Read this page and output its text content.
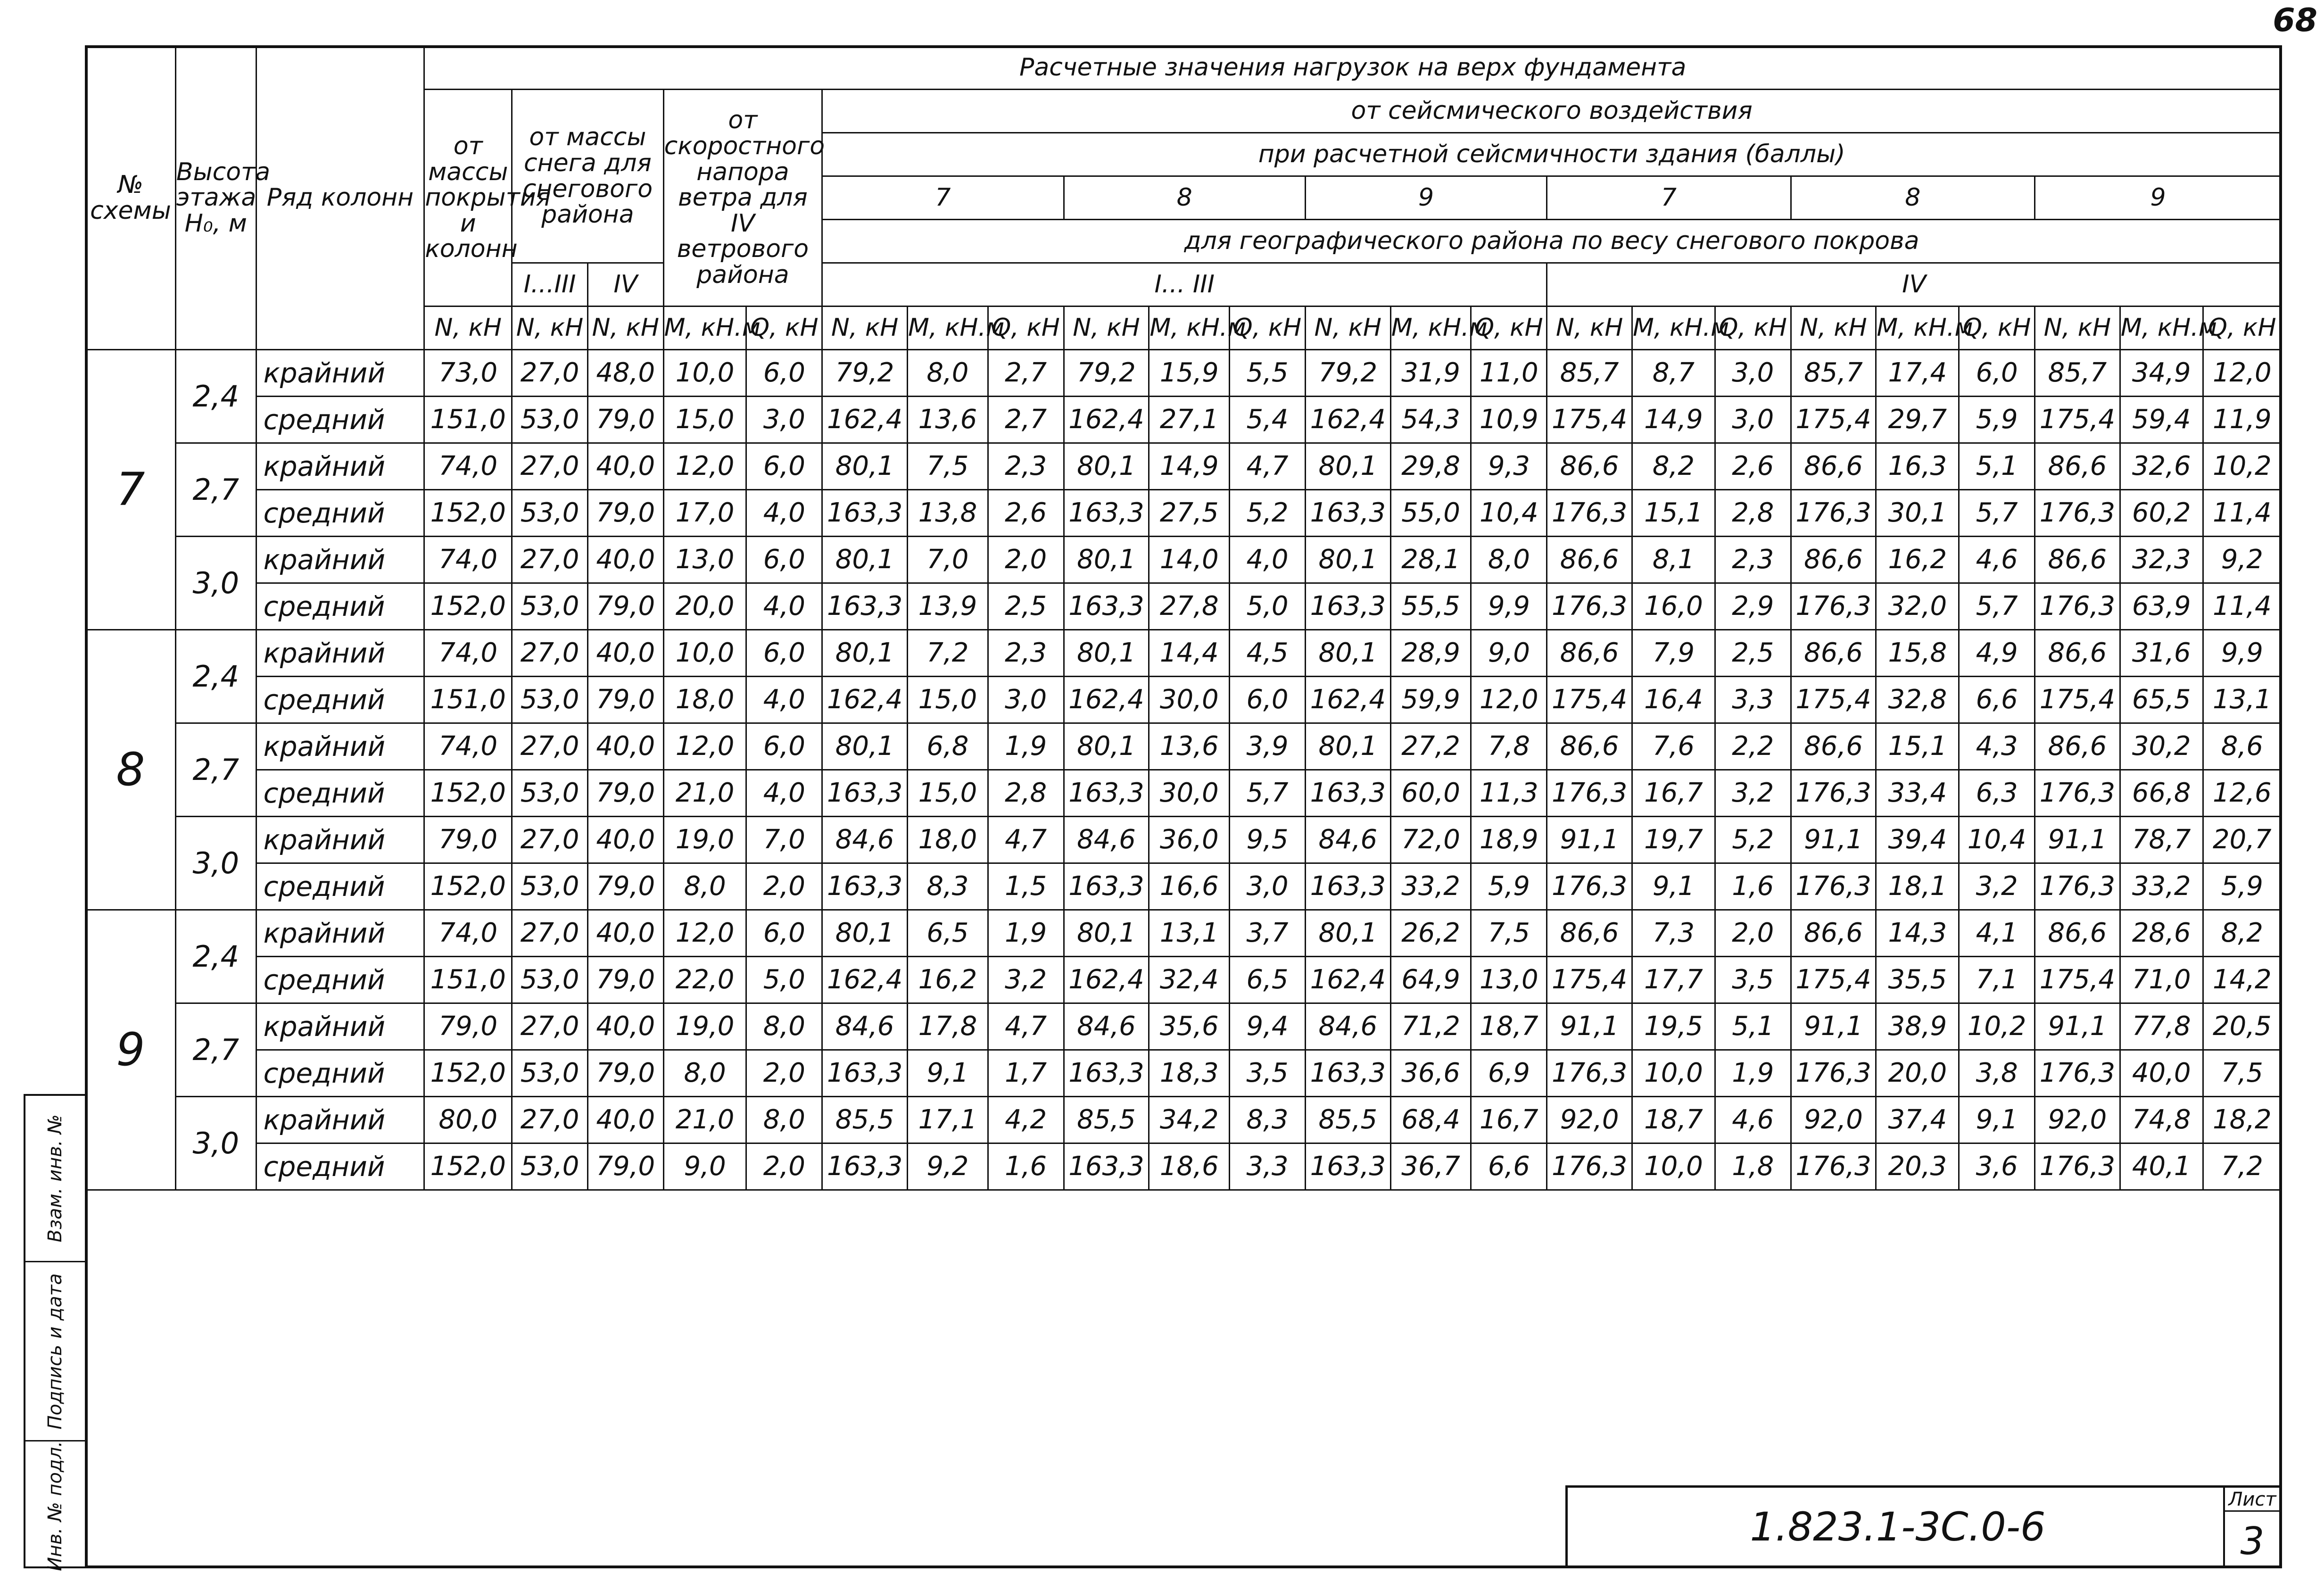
68
№ схемы	Высота этажа H₀, м	Ряд колонн	Расчетные значения нагрузок на верх фундамента																						
			от массы покрытия и колонн	от массы снега для снегового района		от скоростного напора ветра для IV ветрового района		от сейсмического воздействия																	
								при расчетной сейсмичности здания (баллы)																	
								7			8			9			7			8			9		
								для географического района по весу снегового покрова																	
				I...III	IV			I... III									IV								
			N, кН	N, кН	N, кН	M, кН.м	Q, кН	N, кН	M, кН.м	Q, кН	N, кН	M, кН.м	Q, кН	N, кН	M, кН.м	Q, кН	N, кН	M, кН.м	Q, кН	N, кН	M, кН.м	Q, кН	N, кН	M, кН.м	Q, кН
7	2,4	крайний	73,0	27,0	48,0	10,0	6,0	79,2	8,0	2,7	79,2	15,9	5,5	79,2	31,9	11,0	85,7	8,7	3,0	85,7	17,4	6,0	85,7	34,9	12,0
		средний	151,0	53,0	79,0	15,0	3,0	162,4	13,6	2,7	162,4	27,1	5,4	162,4	54,3	10,9	175,4	14,9	3,0	175,4	29,7	5,9	175,4	59,4	11,9
	2,7	крайний	74,0	27,0	40,0	12,0	6,0	80,1	7,5	2,3	80,1	14,9	4,7	80,1	29,8	9,3	86,6	8,2	2,6	86,6	16,3	5,1	86,6	32,6	10,2
		средний	152,0	53,0	79,0	17,0	4,0	163,3	13,8	2,6	163,3	27,5	5,2	163,3	55,0	10,4	176,3	15,1	2,8	176,3	30,1	5,7	176,3	60,2	11,4
	3,0	крайний	74,0	27,0	40,0	13,0	6,0	80,1	7,0	2,0	80,1	14,0	4,0	80,1	28,1	8,0	86,6	8,1	2,3	86,6	16,2	4,6	86,6	32,3	9,2
		средний	152,0	53,0	79,0	20,0	4,0	163,3	13,9	2,5	163,3	27,8	5,0	163,3	55,5	9,9	176,3	16,0	2,9	176,3	32,0	5,7	176,3	63,9	11,4
8	2,4	крайний	74,0	27,0	40,0	10,0	6,0	80,1	7,2	2,3	80,1	14,4	4,5	80,1	28,9	9,0	86,6	7,9	2,5	86,6	15,8	4,9	86,6	31,6	9,9
		средний	151,0	53,0	79,0	18,0	4,0	162,4	15,0	3,0	162,4	30,0	6,0	162,4	59,9	12,0	175,4	16,4	3,3	175,4	32,8	6,6	175,4	65,5	13,1
	2,7	крайний	74,0	27,0	40,0	12,0	6,0	80,1	6,8	1,9	80,1	13,6	3,9	80,1	27,2	7,8	86,6	7,6	2,2	86,6	15,1	4,3	86,6	30,2	8,6
		средний	152,0	53,0	79,0	21,0	4,0	163,3	15,0	2,8	163,3	30,0	5,7	163,3	60,0	11,3	176,3	16,7	3,2	176,3	33,4	6,3	176,3	66,8	12,6
	3,0	крайний	79,0	27,0	40,0	19,0	7,0	84,6	18,0	4,7	84,6	36,0	9,5	84,6	72,0	18,9	91,1	19,7	5,2	91,1	39,4	10,4	91,1	78,7	20,7
		средний	152,0	53,0	79,0	8,0	2,0	163,3	8,3	1,5	163,3	16,6	3,0	163,3	33,2	5,9	176,3	9,1	1,6	176,3	18,1	3,2	176,3	33,2	5,9
9	2,4	крайний	74,0	27,0	40,0	12,0	6,0	80,1	6,5	1,9	80,1	13,1	3,7	80,1	26,2	7,5	86,6	7,3	2,0	86,6	14,3	4,1	86,6	28,6	8,2
		средний	151,0	53,0	79,0	22,0	5,0	162,4	16,2	3,2	162,4	32,4	6,5	162,4	64,9	13,0	175,4	17,7	3,5	175,4	35,5	7,1	175,4	71,0	14,2
	2,7	крайний	79,0	27,0	40,0	19,0	8,0	84,6	17,8	4,7	84,6	35,6	9,4	84,6	71,2	18,7	91,1	19,5	5,1	91,1	38,9	10,2	91,1	77,8	20,5
		средний	152,0	53,0	79,0	8,0	2,0	163,3	9,1	1,7	163,3	18,3	3,5	163,3	36,6	6,9	176,3	10,0	1,9	176,3	20,0	3,8	176,3	40,0	7,5
	3,0	крайний	80,0	27,0	40,0	21,0	8,0	85,5	17,1	4,2	85,5	34,2	8,3	85,5	68,4	16,7	92,0	18,7	4,6	92,0	37,4	9,1	92,0	74,8	18,2
		средний	152,0	53,0	79,0	9,0	2,0	163,3	9,2	1,6	163,3	18,6	3,3	163,3	36,7	6,6	176,3	10,0	1,8	176,3	20,3	3,6	176,3	40,1	7,2
Взам. инв. №
Подпись и дата
Инв. № подл.	1.823.1-3С.0-6
Лист
3
